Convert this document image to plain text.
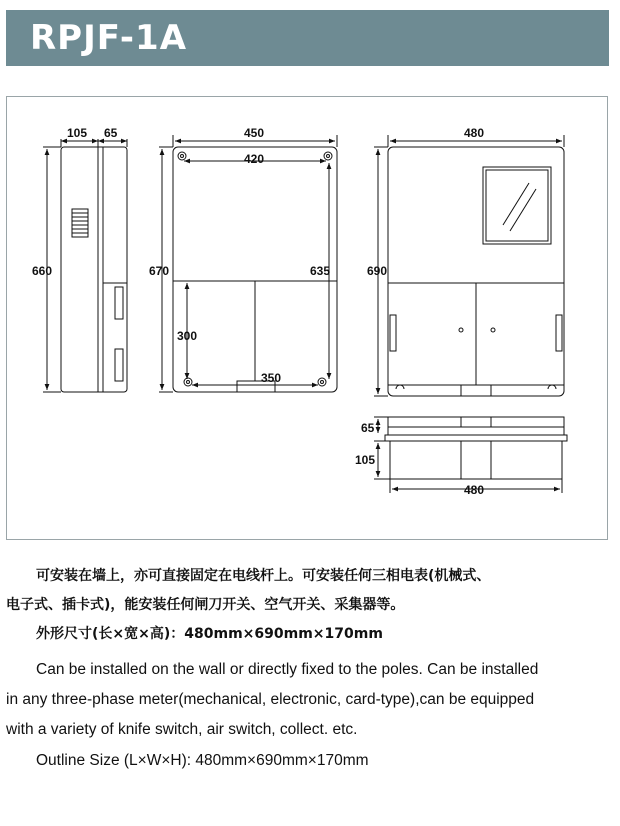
RPJF-1A
105 65
660
450
420
670	635
300
350
480
690
65
105
480
可安装在墙上，亦可直接固定在电线杆上。可安装任何三相电表(机械式、
电子式、插卡式)，能安装任何闸刀开关、空气开关、采集器等。
外形尺寸(长×宽×高)：480mm×690mm×170mm
Can be installed on the wall or directly fixed to the poles. Can be installed
in any three-phase meter(mechanical, electronic, card-type),can be equipped
with a variety of knife switch, air switch, collect. etc.
Outline Size (L×W×H): 480mm×690mm×170mm
